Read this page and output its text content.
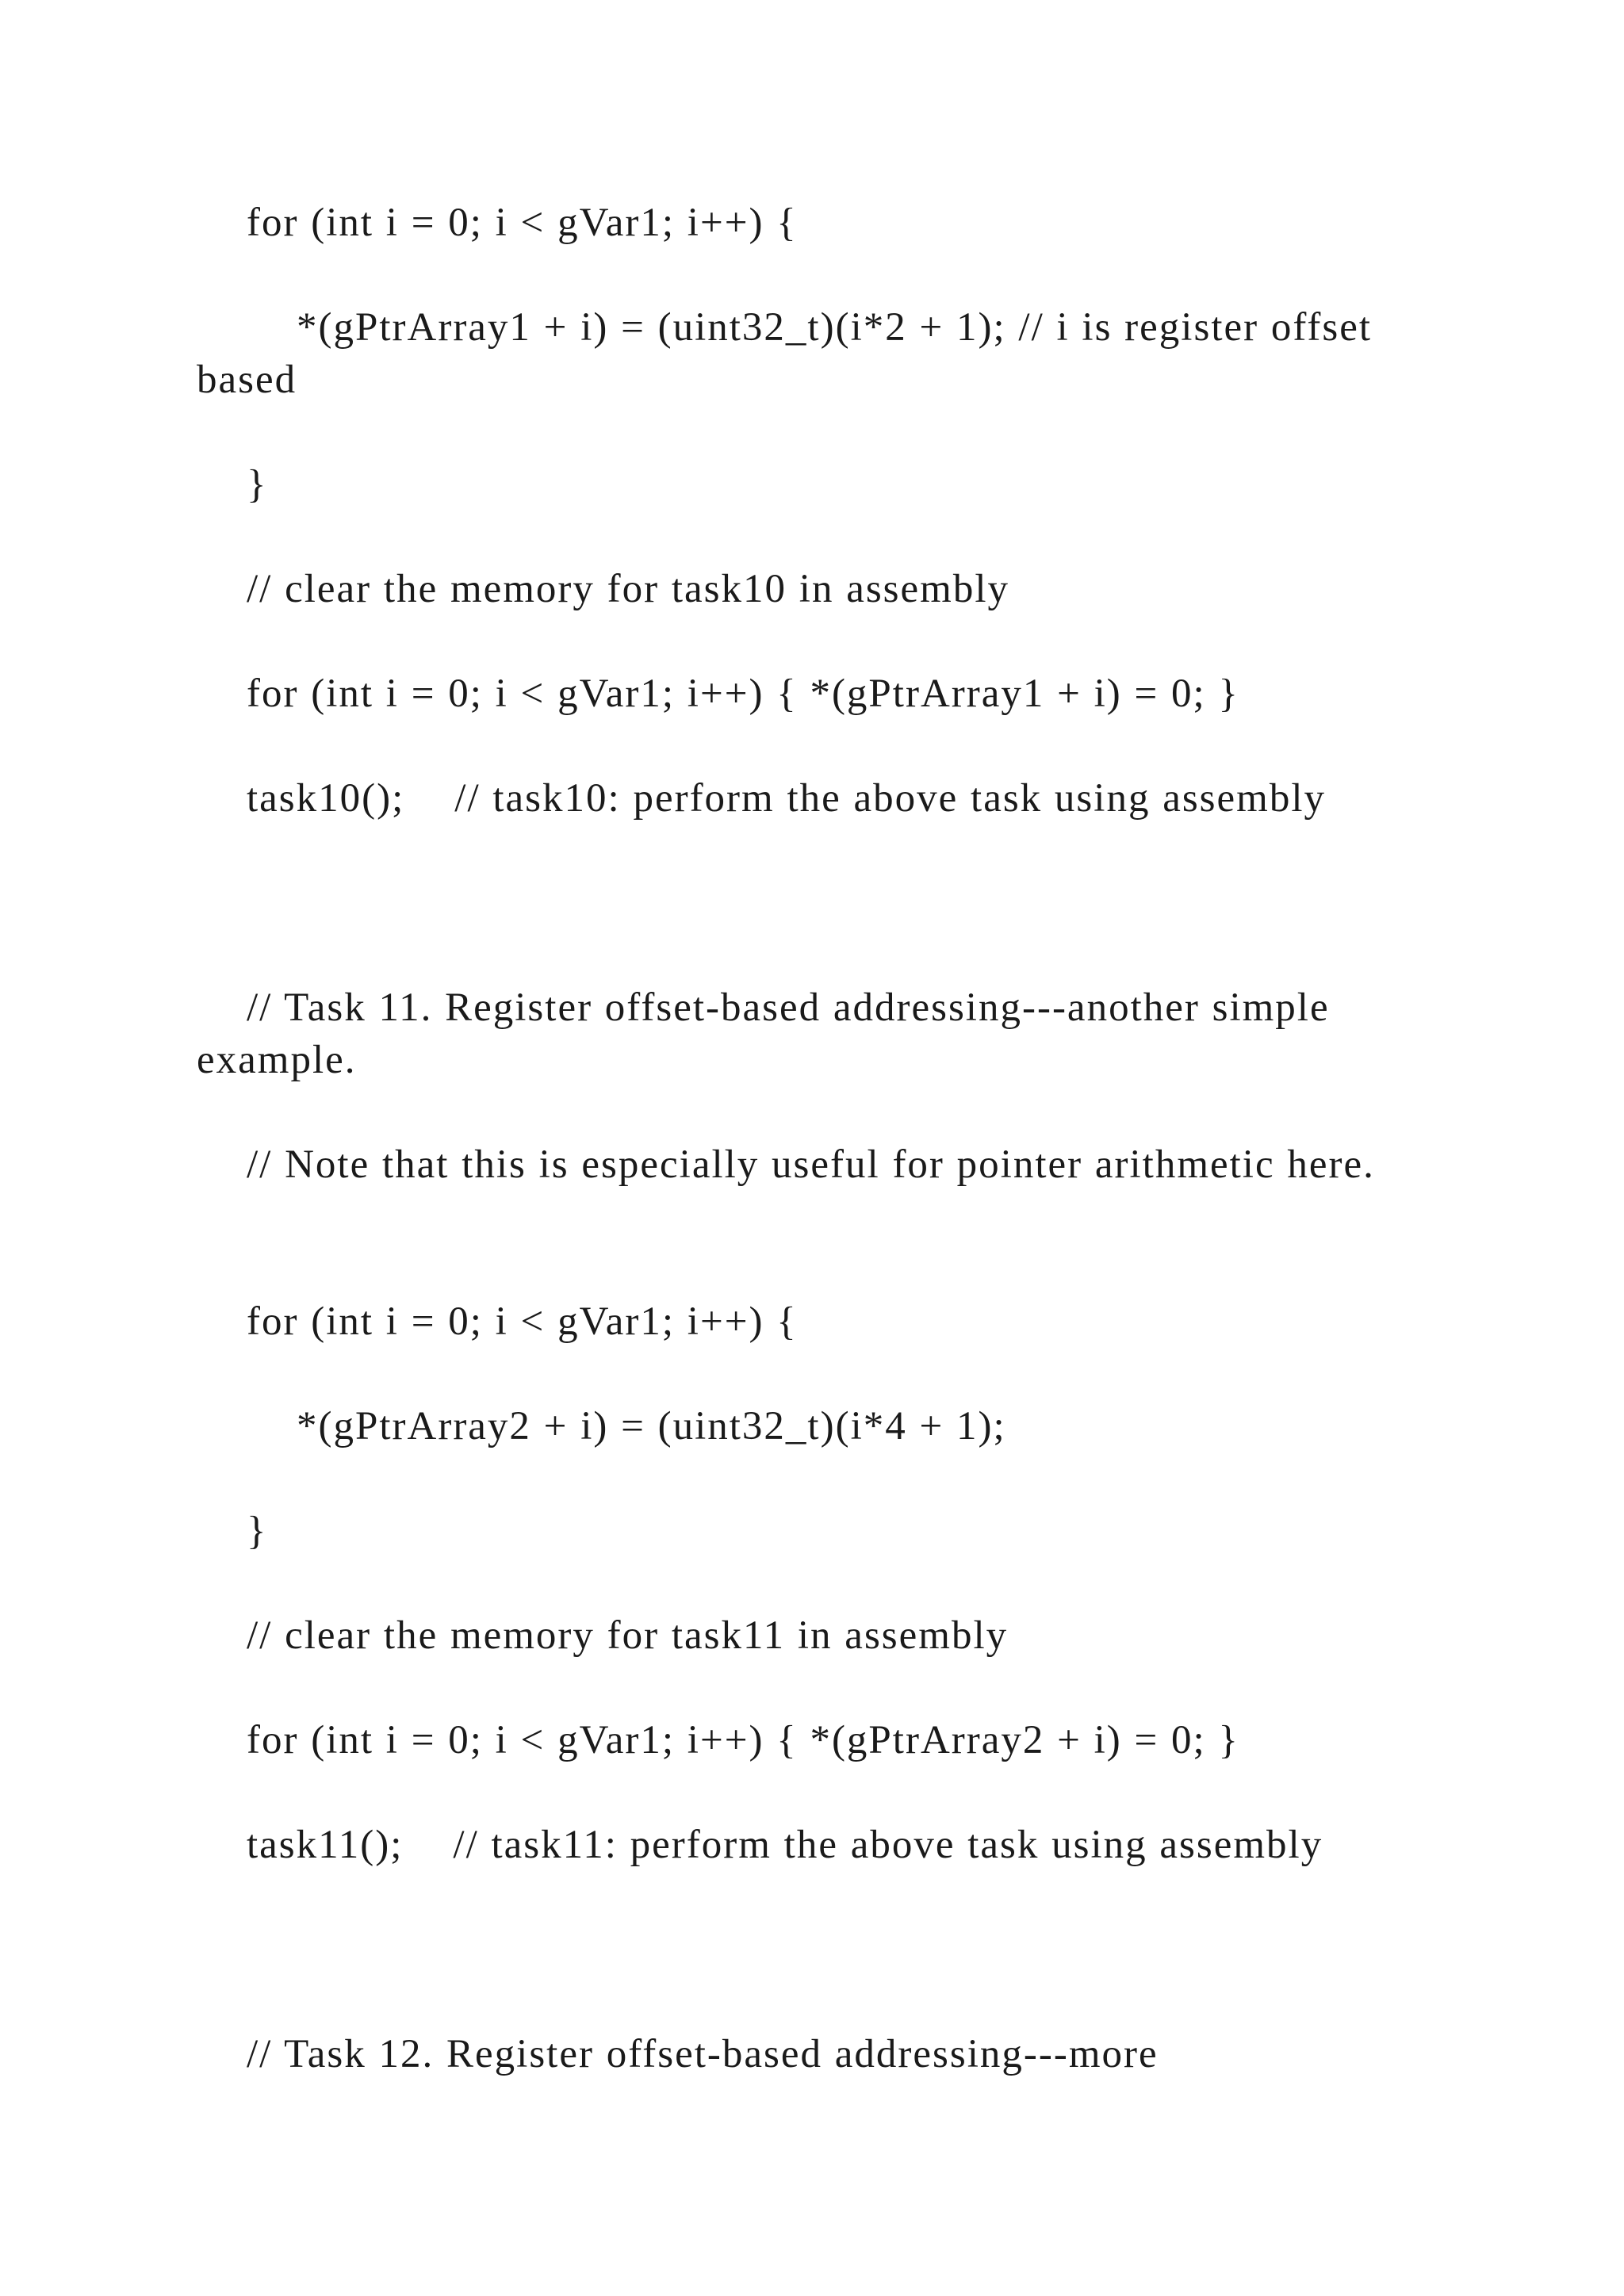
for (int i = 0; i < gVar1; i++) {

*(gPtrArray1 + i) = (uint32_t)(i*2 + 1); // i is register offset based

}

// clear the memory for task10 in assembly

for (int i = 0; i < gVar1; i++) { *(gPtrArray1 + i) = 0; }

task10();    // task10: perform the above task using assembly

// Task 11. Register offset-based addressing---another simple example.

// Note that this is especially useful for pointer arithmetic here.

for (int i = 0; i < gVar1; i++) {

*(gPtrArray2 + i) = (uint32_t)(i*4 + 1);

}

// clear the memory for task11 in assembly

for (int i = 0; i < gVar1; i++) { *(gPtrArray2 + i) = 0; }

task11();    // task11: perform the above task using assembly

// Task 12. Register offset-based addressing---more
